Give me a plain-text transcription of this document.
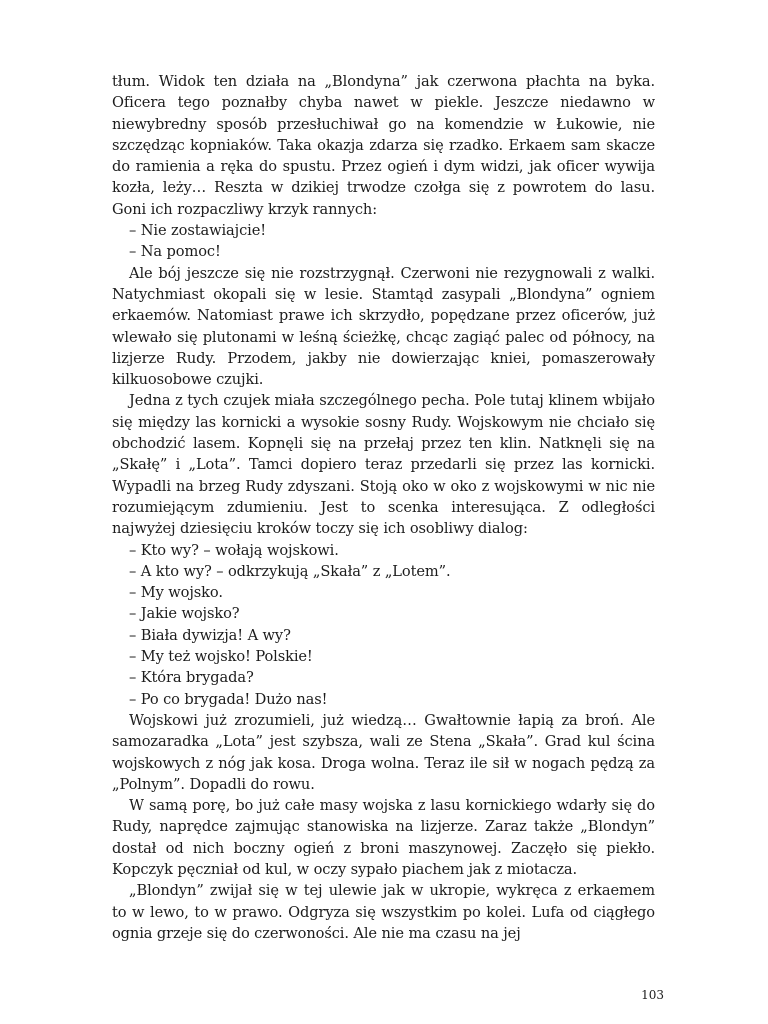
tłum. Widok ten działa na „Blondyna” jak czerwona płachta na byka. Oficera tego poznałby chyba nawet w piekle. Jeszcze niedawno w niewybredny sposób przesłuchiwał go na komendzie w Łukowie, nie szczędząc kopniaków. Taka okazja zdarza się rzadko. Erkaem sam skacze do ramienia a ręka do spustu. Przez ogień i dym widzi, jak oficer wywija kozła, leży… Reszta w dzikiej trwodze czołga się z powrotem do lasu. Goni ich rozpaczliwy krzyk rannych:

– Nie zostawiajcie!

– Na pomoc!

Ale bój jeszcze się nie rozstrzygnął. Czerwoni nie rezygnowali z walki. Natychmiast okopali się w lesie. Stamtąd zasypali „Blondyna” ogniem erkaemów. Natomiast prawe ich skrzydło, popędzane przez oficerów, już wlewało się plutonami w leśną ścieżkę, chcąc zagiąć palec od północy, na lizjerze Rudy. Przodem, jakby nie dowierzając kniei, pomaszerowały kilkuosobowe czujki.

Jedna z tych czujek miała szczególnego pecha. Pole tutaj klinem wbijało się między las kornicki a wysokie sosny Rudy. Wojskowym nie chciało się obchodzić lasem. Kopnęli się na przełaj przez ten klin. Natknęli się na „Skałę” i „Lota”. Tamci dopiero teraz przedarli się przez las kornicki. Wypadli na brzeg Rudy zdyszani. Stoją oko w oko z wojskowymi w nic nie rozumiejącym zdumieniu. Jest to scenka interesująca. Z odległości najwyżej dziesięciu kroków toczy się ich osobliwy dialog:

– Kto wy? – wołają wojskowi.

– A kto wy? – odkrzykują „Skała” z „Lotem”.

– My wojsko.

– Jakie wojsko?

– Biała dywizja! A wy?

– My też wojsko! Polskie!

– Która brygada?

– Po co brygada! Dużo nas!

Wojskowi już zrozumieli, już wiedzą… Gwałtownie łapią za broń. Ale samozaradka „Lota” jest szybsza, wali ze Stena „Skała”. Grad kul ścina wojskowych z nóg jak kosa. Droga wolna. Teraz ile sił w nogach pędzą za „Polnym”. Dopadli do rowu.

W samą porę, bo już całe masy wojska z lasu kornickiego wdarły się do Rudy, naprędce zajmując stanowiska na lizjerze. Zaraz także „Blondyn” dostał od nich boczny ogień z broni maszynowej. Zaczęło się piekło. Kopczyk pęczniał od kul, w oczy sypało piachem jak z miotacza.

„Blondyn” zwijał się w tej ulewie jak w ukropie, wykręca z erkaemem to w lewo, to w prawo. Odgryza się wszystkim po kolei. Lufa od ciągłego ognia grzeje się do czerwoności. Ale nie ma czasu na jej

103
